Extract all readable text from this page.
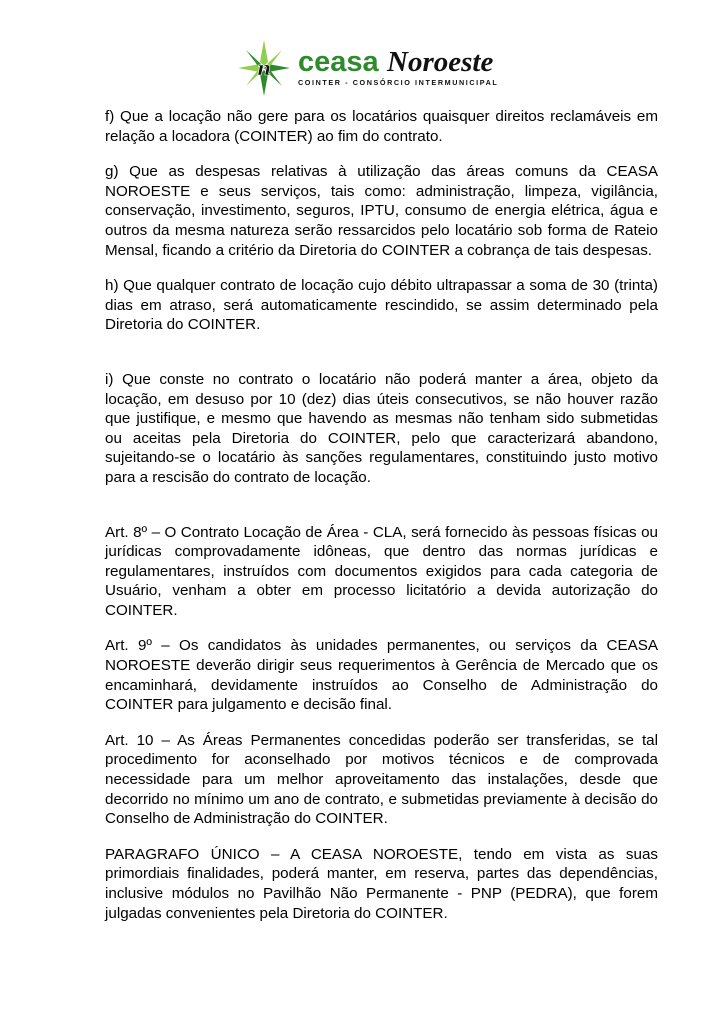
n ceasa Noroeste
COINTER - CONSÓRCIO INTERMUNICIPAL

f) Que a locação não gere para os locatários quaisquer direitos reclamáveis em relação a locadora (COINTER) ao fim do contrato.

g) Que as despesas relativas à utilização das áreas comuns da CEASA NOROESTE e seus serviços, tais como: administração, limpeza, vigilância, conservação, investimento, seguros, IPTU, consumo de energia elétrica, água e outros da mesma natureza serão ressarcidos pelo locatário sob forma de Rateio Mensal, ficando a critério da Diretoria do COINTER a cobrança de tais despesas.

h) Que qualquer contrato de locação cujo débito ultrapassar a soma de 30 (trinta) dias em atraso, será automaticamente rescindido, se assim determinado pela Diretoria do COINTER.

i) Que conste no contrato o locatário não poderá manter a área, objeto da locação, em desuso por 10 (dez) dias úteis consecutivos, se não houver razão que justifique, e mesmo que havendo as mesmas não tenham sido submetidas ou aceitas pela Diretoria do COINTER, pelo que caracterizará abandono, sujeitando-se o locatário às sanções regulamentares, constituindo justo motivo para a rescisão do contrato de locação.

Art. 8º – O Contrato Locação de Área - CLA, será fornecido às pessoas físicas ou jurídicas comprovadamente idôneas, que dentro das normas jurídicas e regulamentares, instruídos com documentos exigidos para cada categoria de Usuário, venham a obter em processo licitatório a devida autorização do COINTER.

Art. 9º – Os candidatos às unidades permanentes, ou serviços da CEASA NOROESTE deverão dirigir seus requerimentos à Gerência de Mercado que os encaminhará, devidamente instruídos ao Conselho de Administração do COINTER para julgamento e decisão final.

Art. 10 – As Áreas Permanentes concedidas poderão ser transferidas, se tal procedimento for aconselhado por motivos técnicos e de comprovada necessidade para um melhor aproveitamento das instalações, desde que decorrido no mínimo um ano de contrato, e submetidas previamente à decisão do Conselho de Administração do COINTER.

PARAGRAFO ÚNICO – A CEASA NOROESTE, tendo em vista as suas primordiais finalidades, poderá manter, em reserva, partes das dependências, inclusive módulos no Pavilhão Não Permanente - PNP (PEDRA), que forem julgadas convenientes pela Diretoria do COINTER.
